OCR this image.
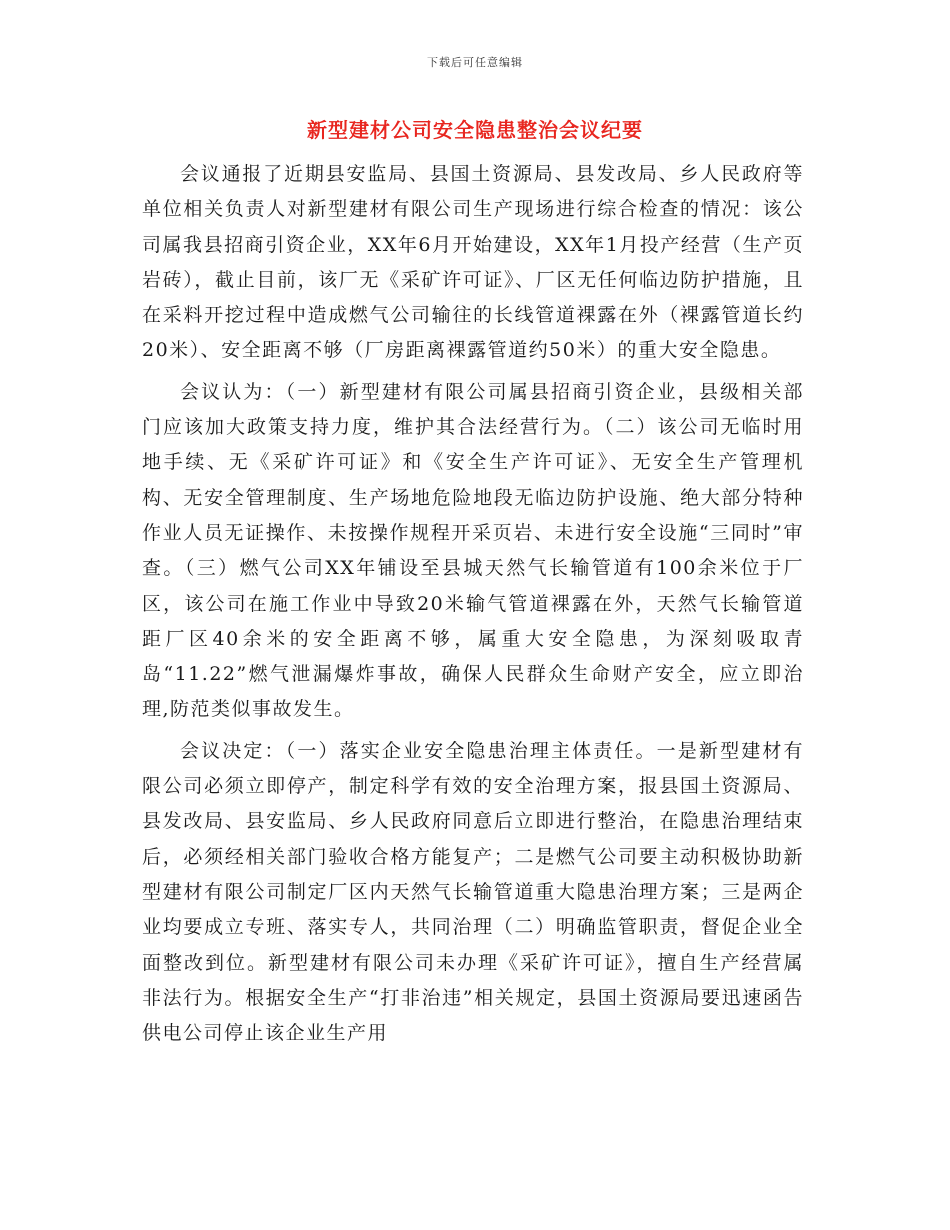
下载后可任意编辑
新型建材公司安全隐患整治会议纪要

会议通报了近期县安监局、县国土资源局、县发改局、乡人民政府等单位相关负责人对新型建材有限公司生产现场进行综合检查的情况：该公司属我县招商引资企业，XX年6月开始建设，XX年1月投产经营（生产页岩砖），截止目前，该厂无《采矿许可证》、厂区无任何临边防护措施，且在采料开挖过程中造成燃气公司输往的长线管道裸露在外（裸露管道长约20米）、安全距离不够（厂房距离裸露管道约50米）的重大安全隐患。

会议认为：（一）新型建材有限公司属县招商引资企业，县级相关部门应该加大政策支持力度，维护其合法经营行为。（二）该公司无临时用地手续、无《采矿许可证》和《安全生产许可证》、无安全生产管理机构、无安全管理制度、生产场地危险地段无临边防护设施、绝大部分特种作业人员无证操作、未按操作规程开采页岩、未进行安全设施“三同时”审查。（三）燃气公司XX年铺设至县城天然气长输管道有100余米位于厂区，该公司在施工作业中导致20米输气管道裸露在外，天然气长输管道距厂区40余米的安全距离不够，属重大安全隐患，为深刻吸取青岛“11.22”燃气泄漏爆炸事故，确保人民群众生命财产安全，应立即治理,防范类似事故发生。

会议决定：（一）落实企业安全隐患治理主体责任。一是新型建材有限公司必须立即停产，制定科学有效的安全治理方案，报县国土资源局、县发改局、县安监局、乡人民政府同意后立即进行整治，在隐患治理结束后，必须经相关部门验收合格方能复产；二是燃气公司要主动积极协助新型建材有限公司制定厂区内天然气长输管道重大隐患治理方案；三是两企业均要成立专班、落实专人，共同治理（二）明确监管职责，督促企业全面整改到位。新型建材有限公司未办理《采矿许可证》，擅自生产经营属非法行为。根据安全生产“打非治违”相关规定，县国土资源局要迅速函告供电公司停止该企业生产用
